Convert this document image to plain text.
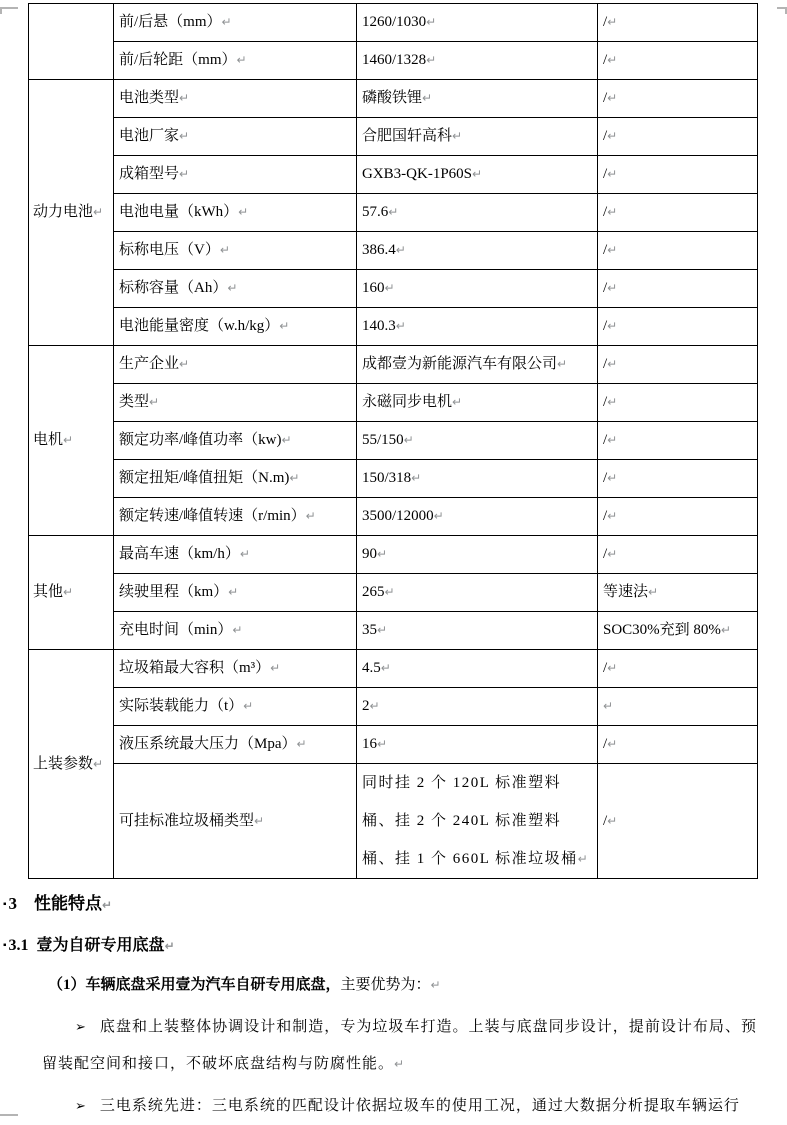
	前/后悬（mm）↵	1260/1030↵	/↵
	前/后轮距（mm）↵	1460/1328↵	/↵
动力电池↵	电池类型↵	磷酸铁锂↵	/↵
	电池厂家↵	合肥国轩高科↵	/↵
	成箱型号↵	GXB3-QK-1P60S↵	/↵
	电池电量（kWh）↵	57.6↵	/↵
	标称电压（V）↵	386.4↵	/↵
	标称容量（Ah）↵	160↵	/↵
	电池能量密度（w.h/kg）↵	140.3↵	/↵
电机↵	生产企业↵	成都壹为新能源汽车有限公司↵	/↵
	类型↵	永磁同步电机↵	/↵
	额定功率/峰值功率（kw)↵	55/150↵	/↵
	额定扭矩/峰值扭矩（N.m)↵	150/318↵	/↵
	额定转速/峰值转速（r/min）↵	3500/12000↵	/↵
其他↵	最高车速（km/h）↵	90↵	/↵
	续驶里程（km）↵	265↵	等速法↵
	充电时间（min）↵	35↵	SOC30%充到 80%↵
上装参数↵	垃圾箱最大容积（m³）↵	4.5↵	/↵
	实际装载能力（t）↵	2↵	↵
	液压系统最大压力（Mpa）↵	16↵	/↵
	可挂标准垃圾桶类型↵	同时挂 2 个 120L 标准塑料桶、挂 2 个 240L 标准塑料桶、挂 1 个 660L 标准垃圾桶↵	/↵
▪ 3 性能特点↵
▪ 3.1 壹为自研专用底盘↵
（1）车辆底盘采用壹为汽车自研专用底盘，主要优势为：↵
➢ 底盘和上装整体协调设计和制造，专为垃圾车打造。上装与底盘同步设计，提前设计布局、预留装配空间和接口，不破坏底盘结构与防腐性能。↵
➢ 三电系统先进：三电系统的匹配设计依据垃圾车的使用工况，通过大数据分析提取车辆运行
